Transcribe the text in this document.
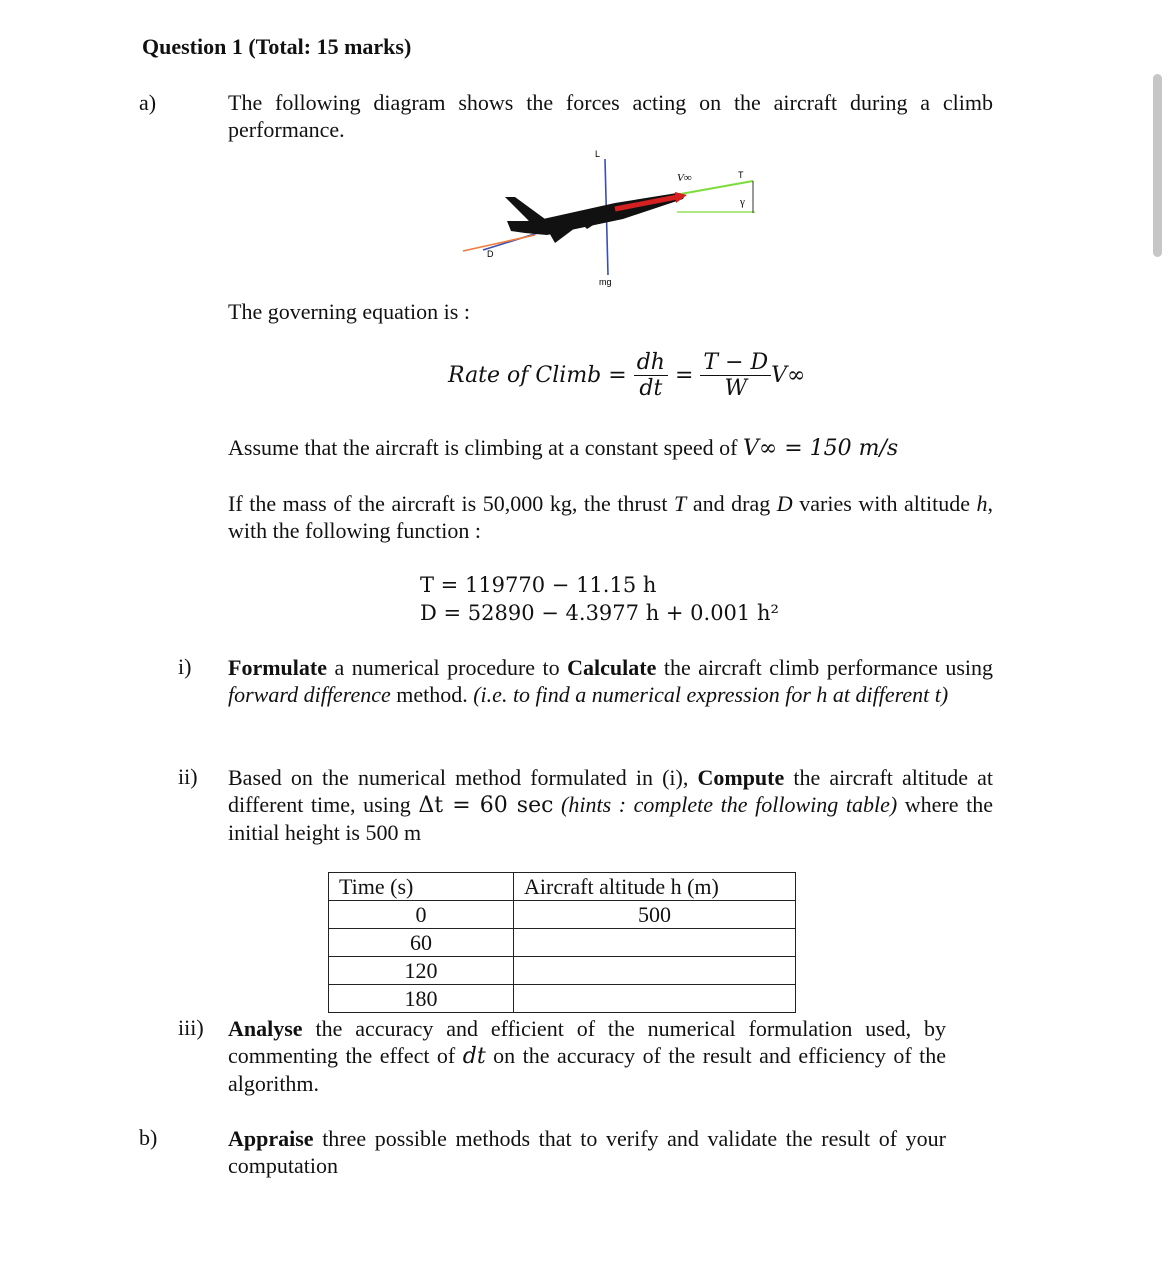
Question 1 (Total: 15 marks)
a)	The following diagram shows the forces acting on the aircraft during a climb performance.
L
V∞	T
γ
D
mg
The governing equation is :
Rate of $Climb = \frac{dh}{dt} = \frac{T - D}{W} V\infty$
Assume that the aircraft is climbing at a constant speed of V∞ = 150 m/s
If the mass of the aircraft is 50,000 kg, the thrust T and drag D varies with altitude h, with the following function :
T = 119770 − 11.15 h
D = 52890 − 4.3977 h + 0.001 h²
i) Formulate a numerical procedure to Calculate the aircraft climb performance using forward difference method. (i.e. to find a numerical expression for h at different t)
ii) Based on the numerical method formulated in (i), Compute the aircraft altitude at different time, using Δt = 60 sec (hints : complete the following table) where the initial height is 500 m
Time (s)	Aircraft altitude h (m)
0	500
60	
120	
180	
iii) Analyse the accuracy and efficient of the numerical formulation used, by commenting the effect of dt on the accuracy of the result and efficiency of the algorithm.
b)	Appraise three possible methods that to verify and validate the result of your computation
